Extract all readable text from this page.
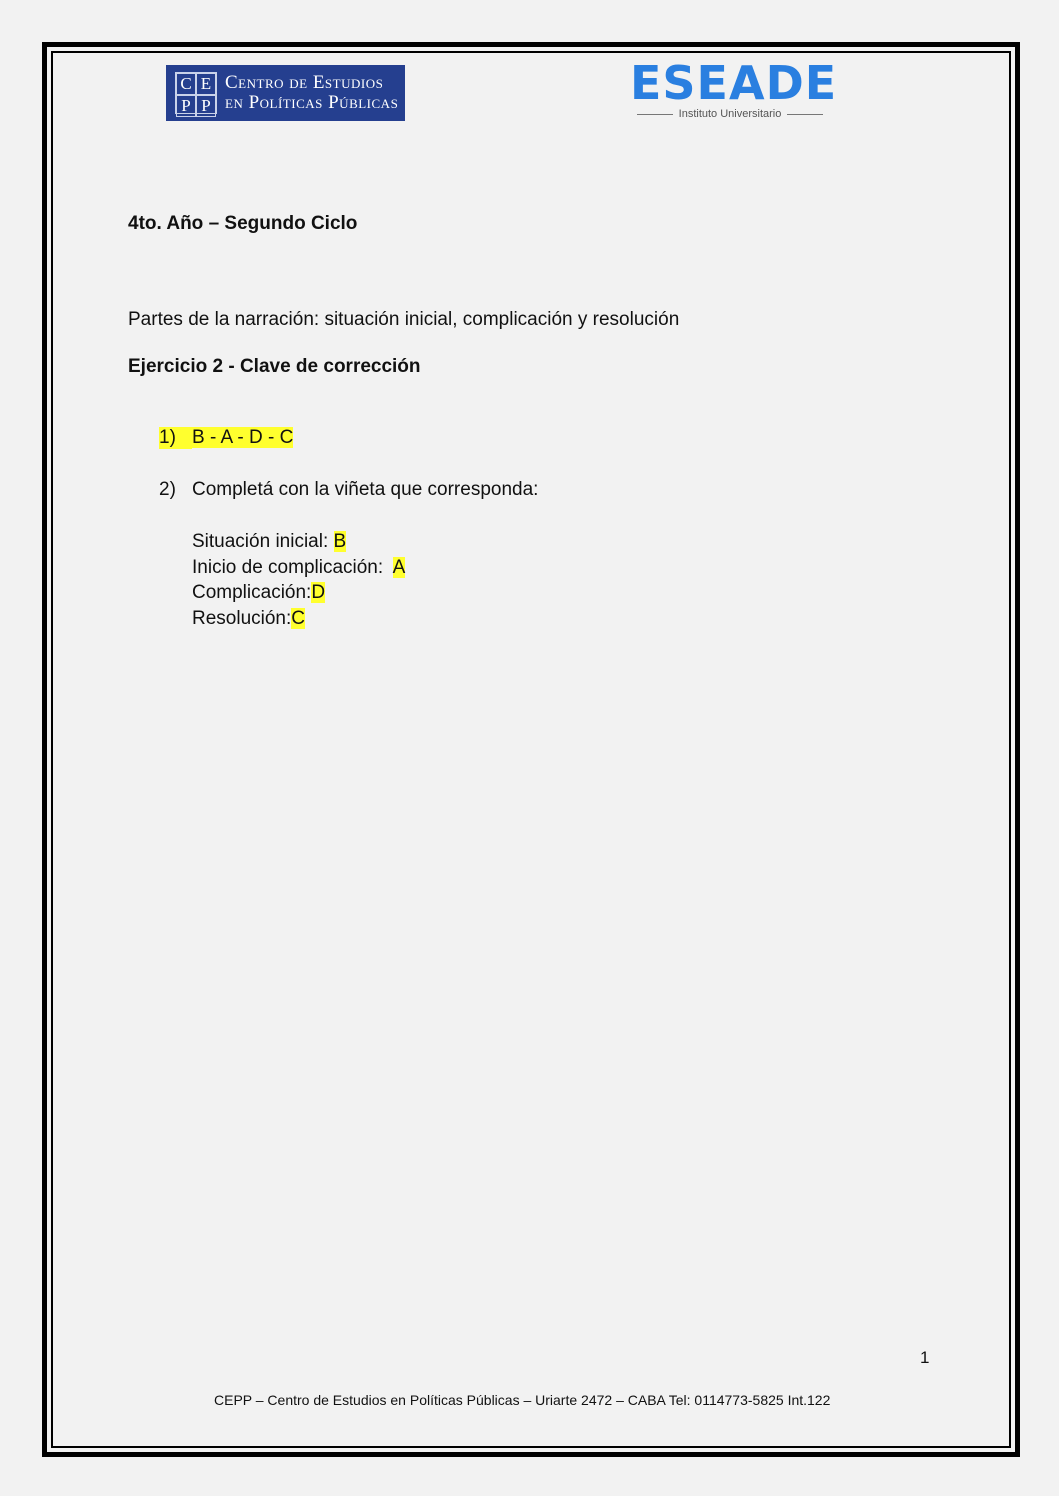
C E
P P
Centro de Estudios
en Políticas Públicas	ESEADE
Instituto Universitario
4to. Año – Segundo Ciclo
Partes de la narración: situación inicial, complicación y resolución
Ejercicio 2 - Clave de corrección
1) B - A - D - C
2) Completá con la viñeta que corresponda:
Situación inicial: B
Inicio de complicación:  A
Complicación:D
Resolución:C
1
CEPP – Centro de Estudios en Políticas Públicas – Uriarte 2472 – CABA Tel: 0114773-5825 Int.122
